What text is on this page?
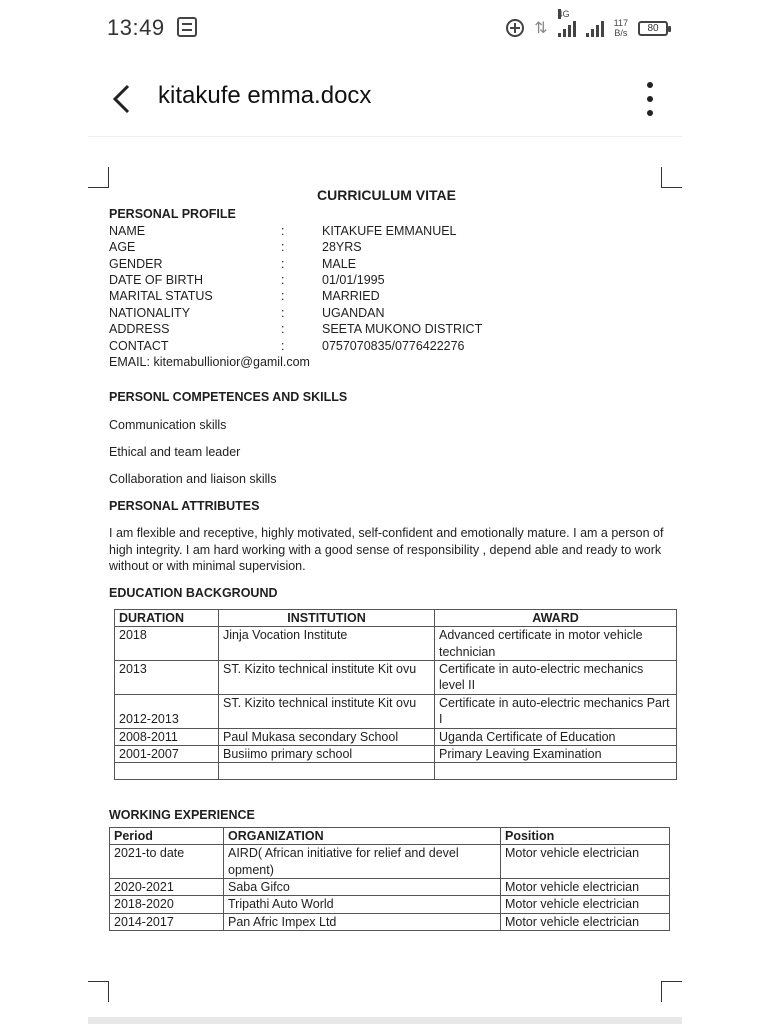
13:49	⇅
4G
117
B/s	80
kitakufe emma.docx
CURRICULUM VITAE
PERSONAL PROFILE
NAME	:	KITAKUFE EMMANUEL
AGE	:	28YRS
GENDER	:	MALE
DATE OF BIRTH	:	01/01/1995
MARITAL STATUS	:	MARRIED
NATIONALITY	:	UGANDAN
ADDRESS	:	SEETA MUKONO DISTRICT
CONTACT	:	0757070835/0776422276
EMAIL: kitemabullionior@gamil.com
PERSONL COMPETENCES AND SKILLS

Communication skills

Ethical and team leader

Collaboration and liaison skills

PERSONAL ATTRIBUTES

I am flexible and receptive, highly motivated, self-confident and emotionally mature. I am a person of high integrity. I am hard working with a good sense of responsibility , depend able and ready to work without or with minimal supervision.

EDUCATION BACKGROUND
DURATION	INSTITUTION	AWARD
2018	Jinja Vocation Institute	Advanced certificate in motor vehicle technician
2013	ST. Kizito technical institute Kit ovu	Certificate in auto-electric mechanics level II
2012-2013	ST. Kizito technical institute Kit ovu	Certificate in auto-electric mechanics Part I
2008-2011	Paul Mukasa secondary School	Uganda Certificate of Education
2001-2007	Busiimo primary school	Primary Leaving Examination

WORKING EXPERIENCE
Period	ORGANIZATION	Position
2021-to date	AIRD( African initiative for relief and devel opment)	Motor vehicle electrician
2020-2021	Saba Gifco	Motor vehicle electrician
2018-2020	Tripathi Auto World	Motor vehicle electrician
2014-2017	Pan Afric Impex Ltd	Motor vehicle electrician
